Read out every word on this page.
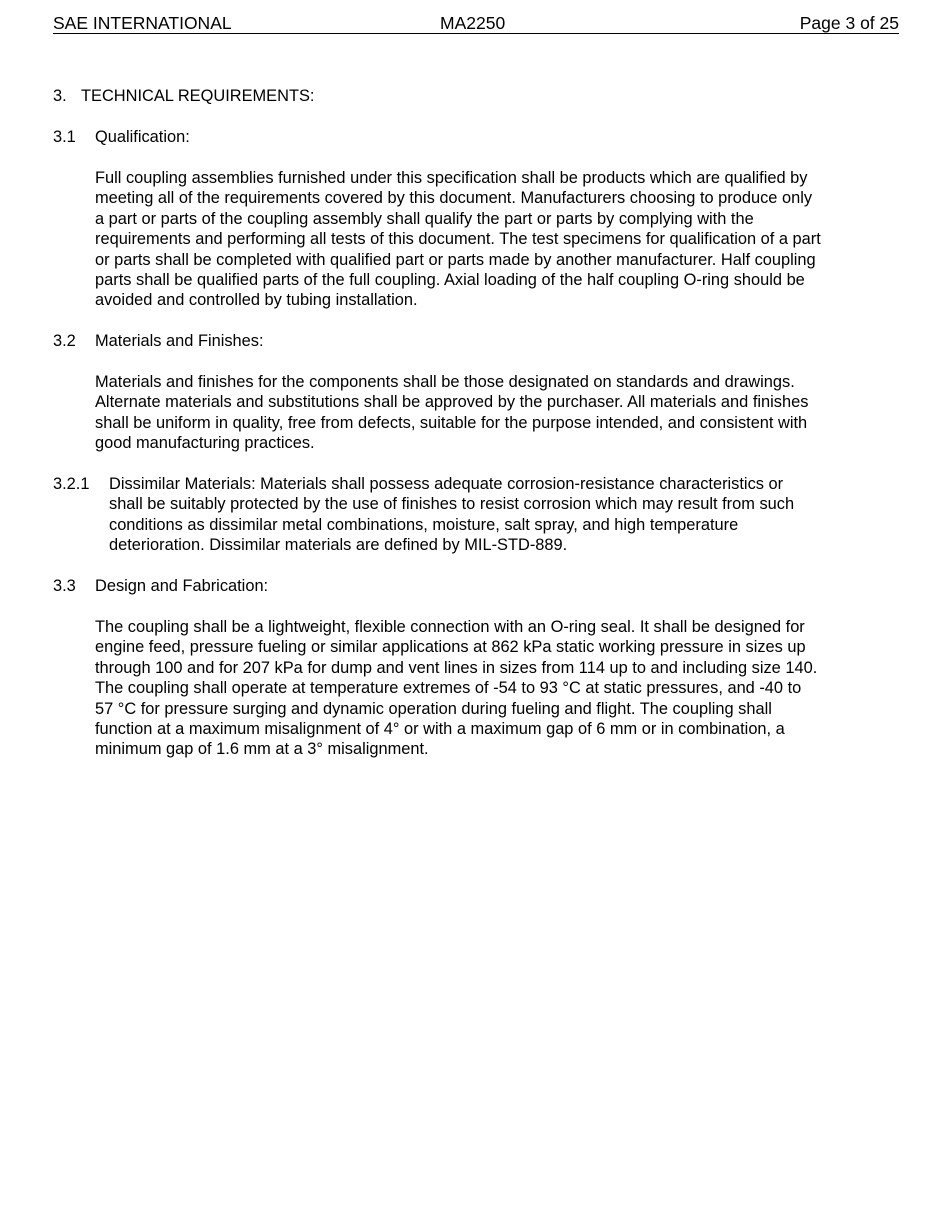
SAE INTERNATIONAL	MA2250	Page 3 of 25
3. TECHNICAL REQUIREMENTS:
3.1 Qualification:
Full coupling assemblies furnished under this specification shall be products which are qualified by
meeting all of the requirements covered by this document. Manufacturers choosing to produce only
a part or parts of the coupling assembly shall qualify the part or parts by complying with the
requirements and performing all tests of this document. The test specimens for qualification of a part
or parts shall be completed with qualified part or parts made by another manufacturer. Half coupling
parts shall be qualified parts of the full coupling. Axial loading of the half coupling O-ring should be
avoided and controlled by tubing installation.
3.2 Materials and Finishes:
Materials and finishes for the components shall be those designated on standards and drawings.
Alternate materials and substitutions shall be approved by the purchaser. All materials and finishes
shall be uniform in quality, free from defects, suitable for the purpose intended, and consistent with
good manufacturing practices.
3.2.1 Dissimilar Materials: Materials shall possess adequate corrosion-resistance characteristics or
shall be suitably protected by the use of finishes to resist corrosion which may result from such
conditions as dissimilar metal combinations, moisture, salt spray, and high temperature
deterioration. Dissimilar materials are defined by MIL-STD-889.
3.3 Design and Fabrication:
The coupling shall be a lightweight, flexible connection with an O-ring seal. It shall be designed for
engine feed, pressure fueling or similar applications at 862 kPa static working pressure in sizes up
through 100 and for 207 kPa for dump and vent lines in sizes from 114 up to and including size 140.
The coupling shall operate at temperature extremes of -54 to 93 °C at static pressures, and -40 to
57 °C for pressure surging and dynamic operation during fueling and flight. The coupling shall
function at a maximum misalignment of 4° or with a maximum gap of 6 mm or in combination, a
minimum gap of 1.6 mm at a 3° misalignment.
